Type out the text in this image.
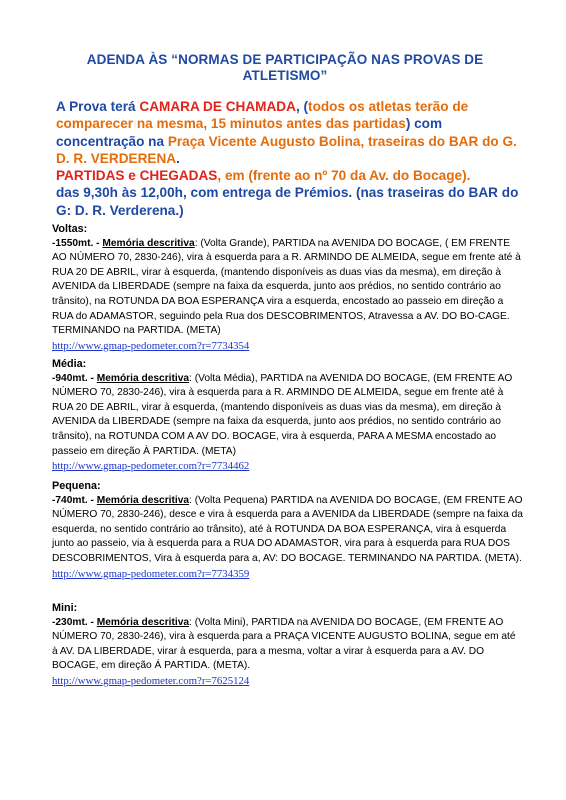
ADENDA ÀS “NORMAS DE PARTICIPAÇÃO NAS PROVAS DE
ATLETISMO”
A Prova terá CAMARA DE CHAMADA, (todos os atletas terão de comparecer na mesma, 15 minutos antes das partidas) com concentração na Praça Vicente Augusto Bolina, traseiras do BAR do G. D. R. VERDERENA.
PARTIDAS e CHEGADAS, em (frente ao nº 70 da Av. do Bocage).
das 9,30h às 12,00h, com entrega de Prémios. (nas traseiras do BAR do G: D. R. Verderena.)
Voltas:
-1550mt. - Memória descritiva: (Volta Grande), PARTIDA na AVENIDA DO BOCAGE, ( EM FRENTE AO NÚMERO 70, 2830-246), vira à esquerda para a R. ARMINDO DE ALMEIDA, segue em frente até à RUA 20 DE ABRIL, virar à esquerda, (mantendo disponíveis as duas vias da mesma), em direção à AVENIDA da LIBERDADE (sempre na faixa da esquerda, junto aos prédios, no sentido contrário ao trânsito), na ROTUNDA DA BOA ESPERANÇA vira a esquerda, encostado ao passeio em direção a RUA do ADAMASTOR, seguindo pela Rua dos DESCOBRIMENTOS, Atravessa a AV. DO BO-CAGE. TERMINANDO na PARTIDA. (META)
http://www.gmap-pedometer.com?r=7734354
Média:
-940mt. - Memória descritiva: (Volta Média), PARTIDA na AVENIDA DO BOCAGE, (EM FRENTE AO NÚMERO 70, 2830-246), vira à esquerda para a R. ARMINDO DE ALMEIDA, segue em frente até à RUA 20 DE ABRIL, virar à esquerda, (mantendo disponíveis as duas vias da mesma), em direção à AVENIDA da LIBERDADE (sempre na faixa da esquerda, junto aos prédios, no sentido contrário ao trânsito), na ROTUNDA COM A AV DO. BOCAGE, vira à esquerda, PARA A MESMA encostado ao passeio em direção À PARTIDA. (META)
http://www.gmap-pedometer.com?r=7734462
Pequena:
-740mt. - Memória descritiva: (Volta Pequena) PARTIDA na AVENIDA DO BOCAGE, (EM FRENTE AO NÚMERO 70, 2830-246), desce e vira à esquerda para a AVENIDA da LIBERDADE (sempre na faixa da esquerda, no sentido contrário ao trânsito), até à ROTUNDA DA BOA ESPERANÇA, vira à esquerda junto ao passeio, via à esquerda para a RUA DO ADAMASTOR, vira para à esquerda para RUA DOS DESCOBRIMENTOS, Vira à esquerda para a, AV: DO BOCAGE. TERMINANDO NA PARTIDA. (META).
http://www.gmap-pedometer.com?r=7734359
Mini:
-230mt. - Memória descritiva: (Volta Mini), PARTIDA na AVENIDA DO BOCAGE, (EM FRENTE AO NÚMERO 70, 2830-246), vira à esquerda para a PRAÇA VICENTE AUGUSTO BOLINA, segue em até à AV. DA LIBERDADE, virar à esquerda, para a mesma, voltar a virar à esquerda para a AV. DO BOCAGE, em direção Á PARTIDA. (META).
http://www.gmap-pedometer.com?r=7625124
